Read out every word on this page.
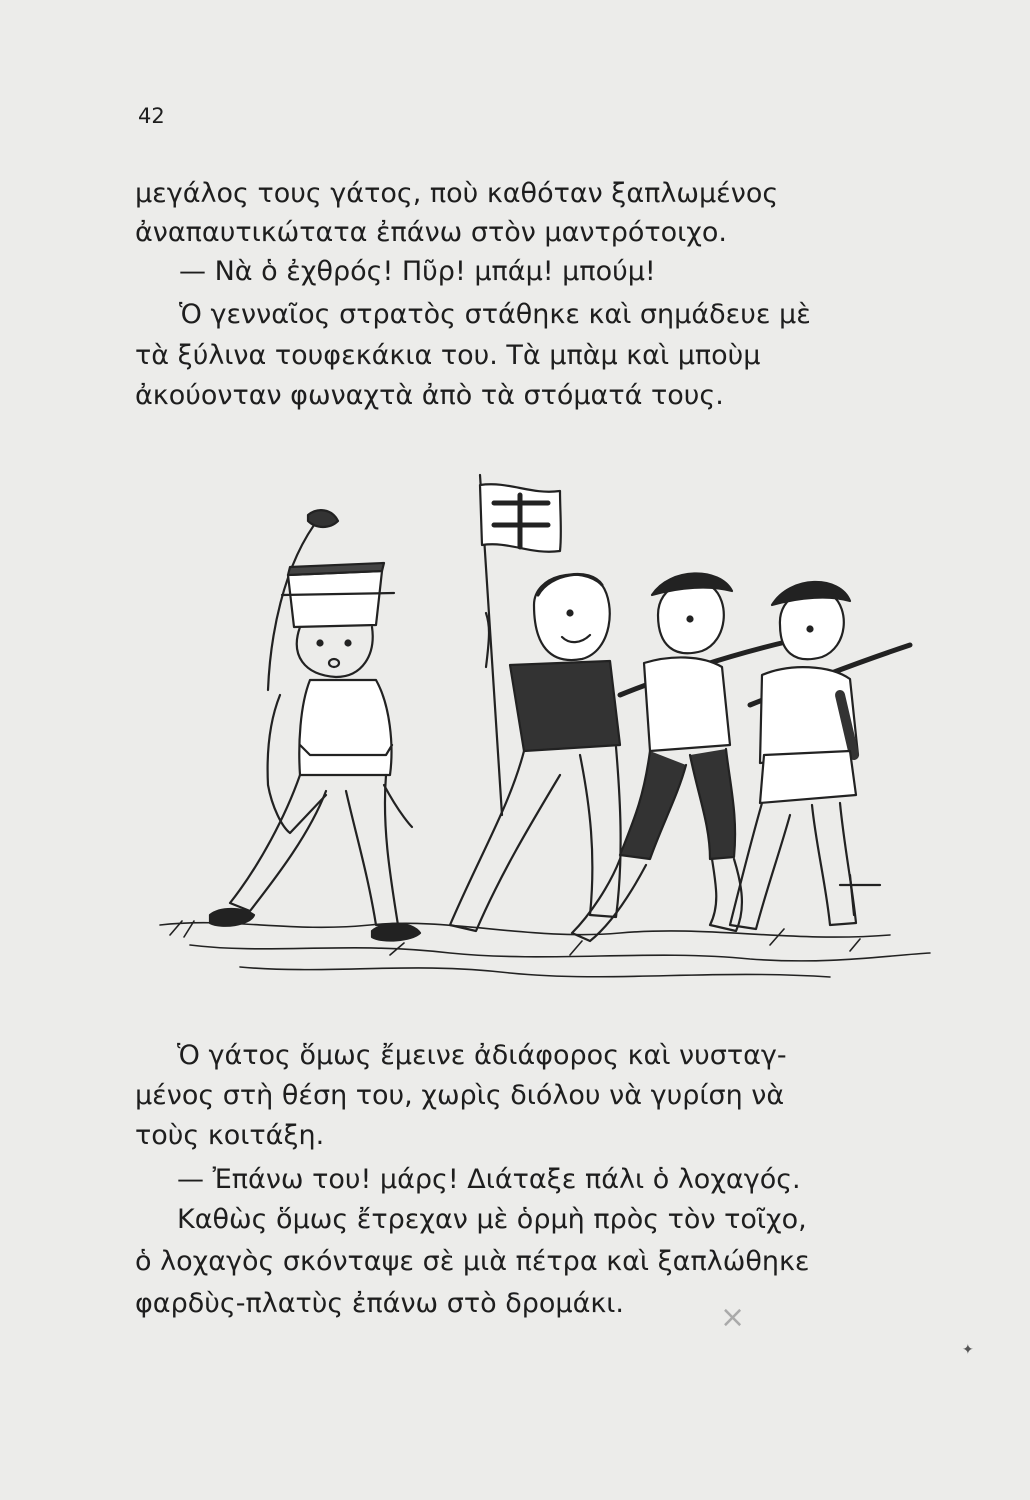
42

μεγάλος τους γάτος, ποὺ καθόταν ξαπλωμένος

ἀναπαυτικώτατα ἐπάνω στὸν μαντρότοιχο.

— Νὰ ὁ ἐχθρός! Πῦρ! μπάμ! μπούμ!

Ὁ γενναῖος στρατὸς στάθηκε καὶ σημάδευε μὲ

τὰ ξύλινα τουφεκάκια του. Τὰ μπὰμ καὶ μποὺμ

ἀκούονταν φωναχτὰ ἀπὸ τὰ στόματά τους.

Ὁ γάτος ὅμως ἔμεινε ἀδιάφορος καὶ νυσταγ-

μένος στὴ θέση του, χωρὶς διόλου νὰ γυρίση νὰ

τοὺς κοιτάξη.

— Ἐπάνω του! μάρς! Διάταξε πάλι ὁ λοχαγός.

Καθὼς ὅμως ἔτρεχαν μὲ ὁρμὴ πρὸς τὸν τοῖχο,

ὁ λοχαγὸς σκόνταψε σὲ μιὰ πέτρα καὶ ξαπλώθηκε

φαρδὺς-πλατὺς ἐπάνω στὸ δρομάκι.	×
✦
